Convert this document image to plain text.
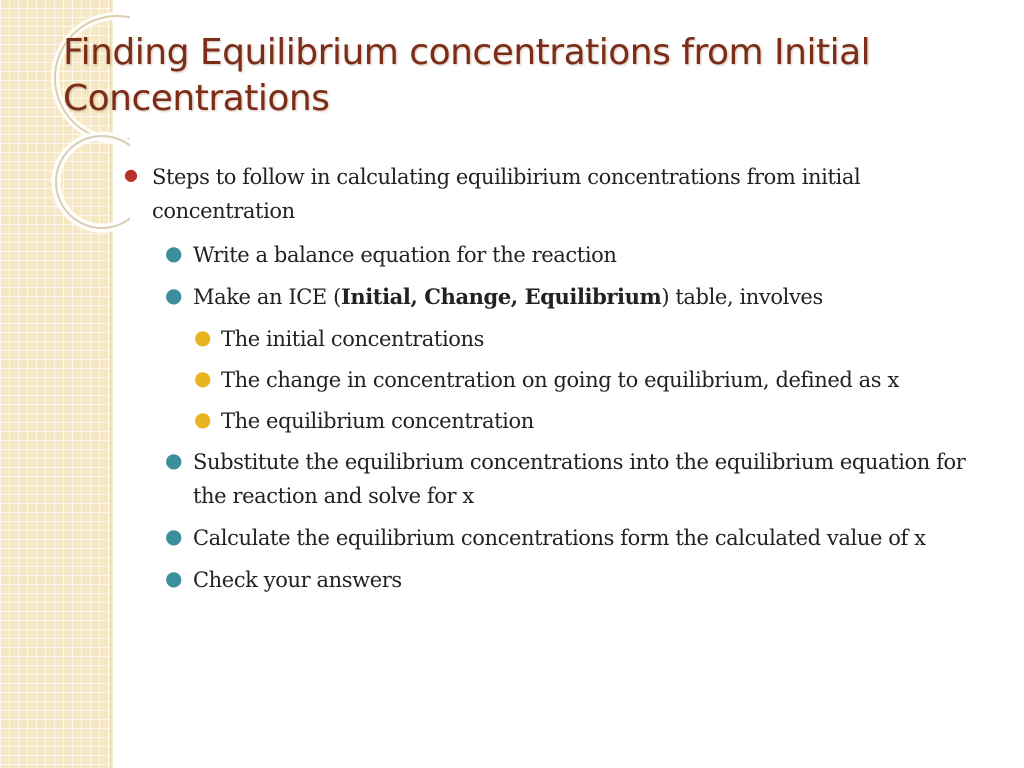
Finding Equilibrium concentrations from Initial
Concentrations
● Steps to follow in calculating equilibirium concentrations from initial concentration
● Write a balance equation for the reaction
● Make an ICE (Initial, Change, Equilibrium) table, involves
● The initial concentrations
● The change in concentration on going to equilibrium, defined as x
● The equilibrium concentration
● Substitute the equilibrium concentrations into the equilibrium equation for the reaction and solve for x
● Calculate the equilibrium concentrations form the calculated value of x
● Check your answers
